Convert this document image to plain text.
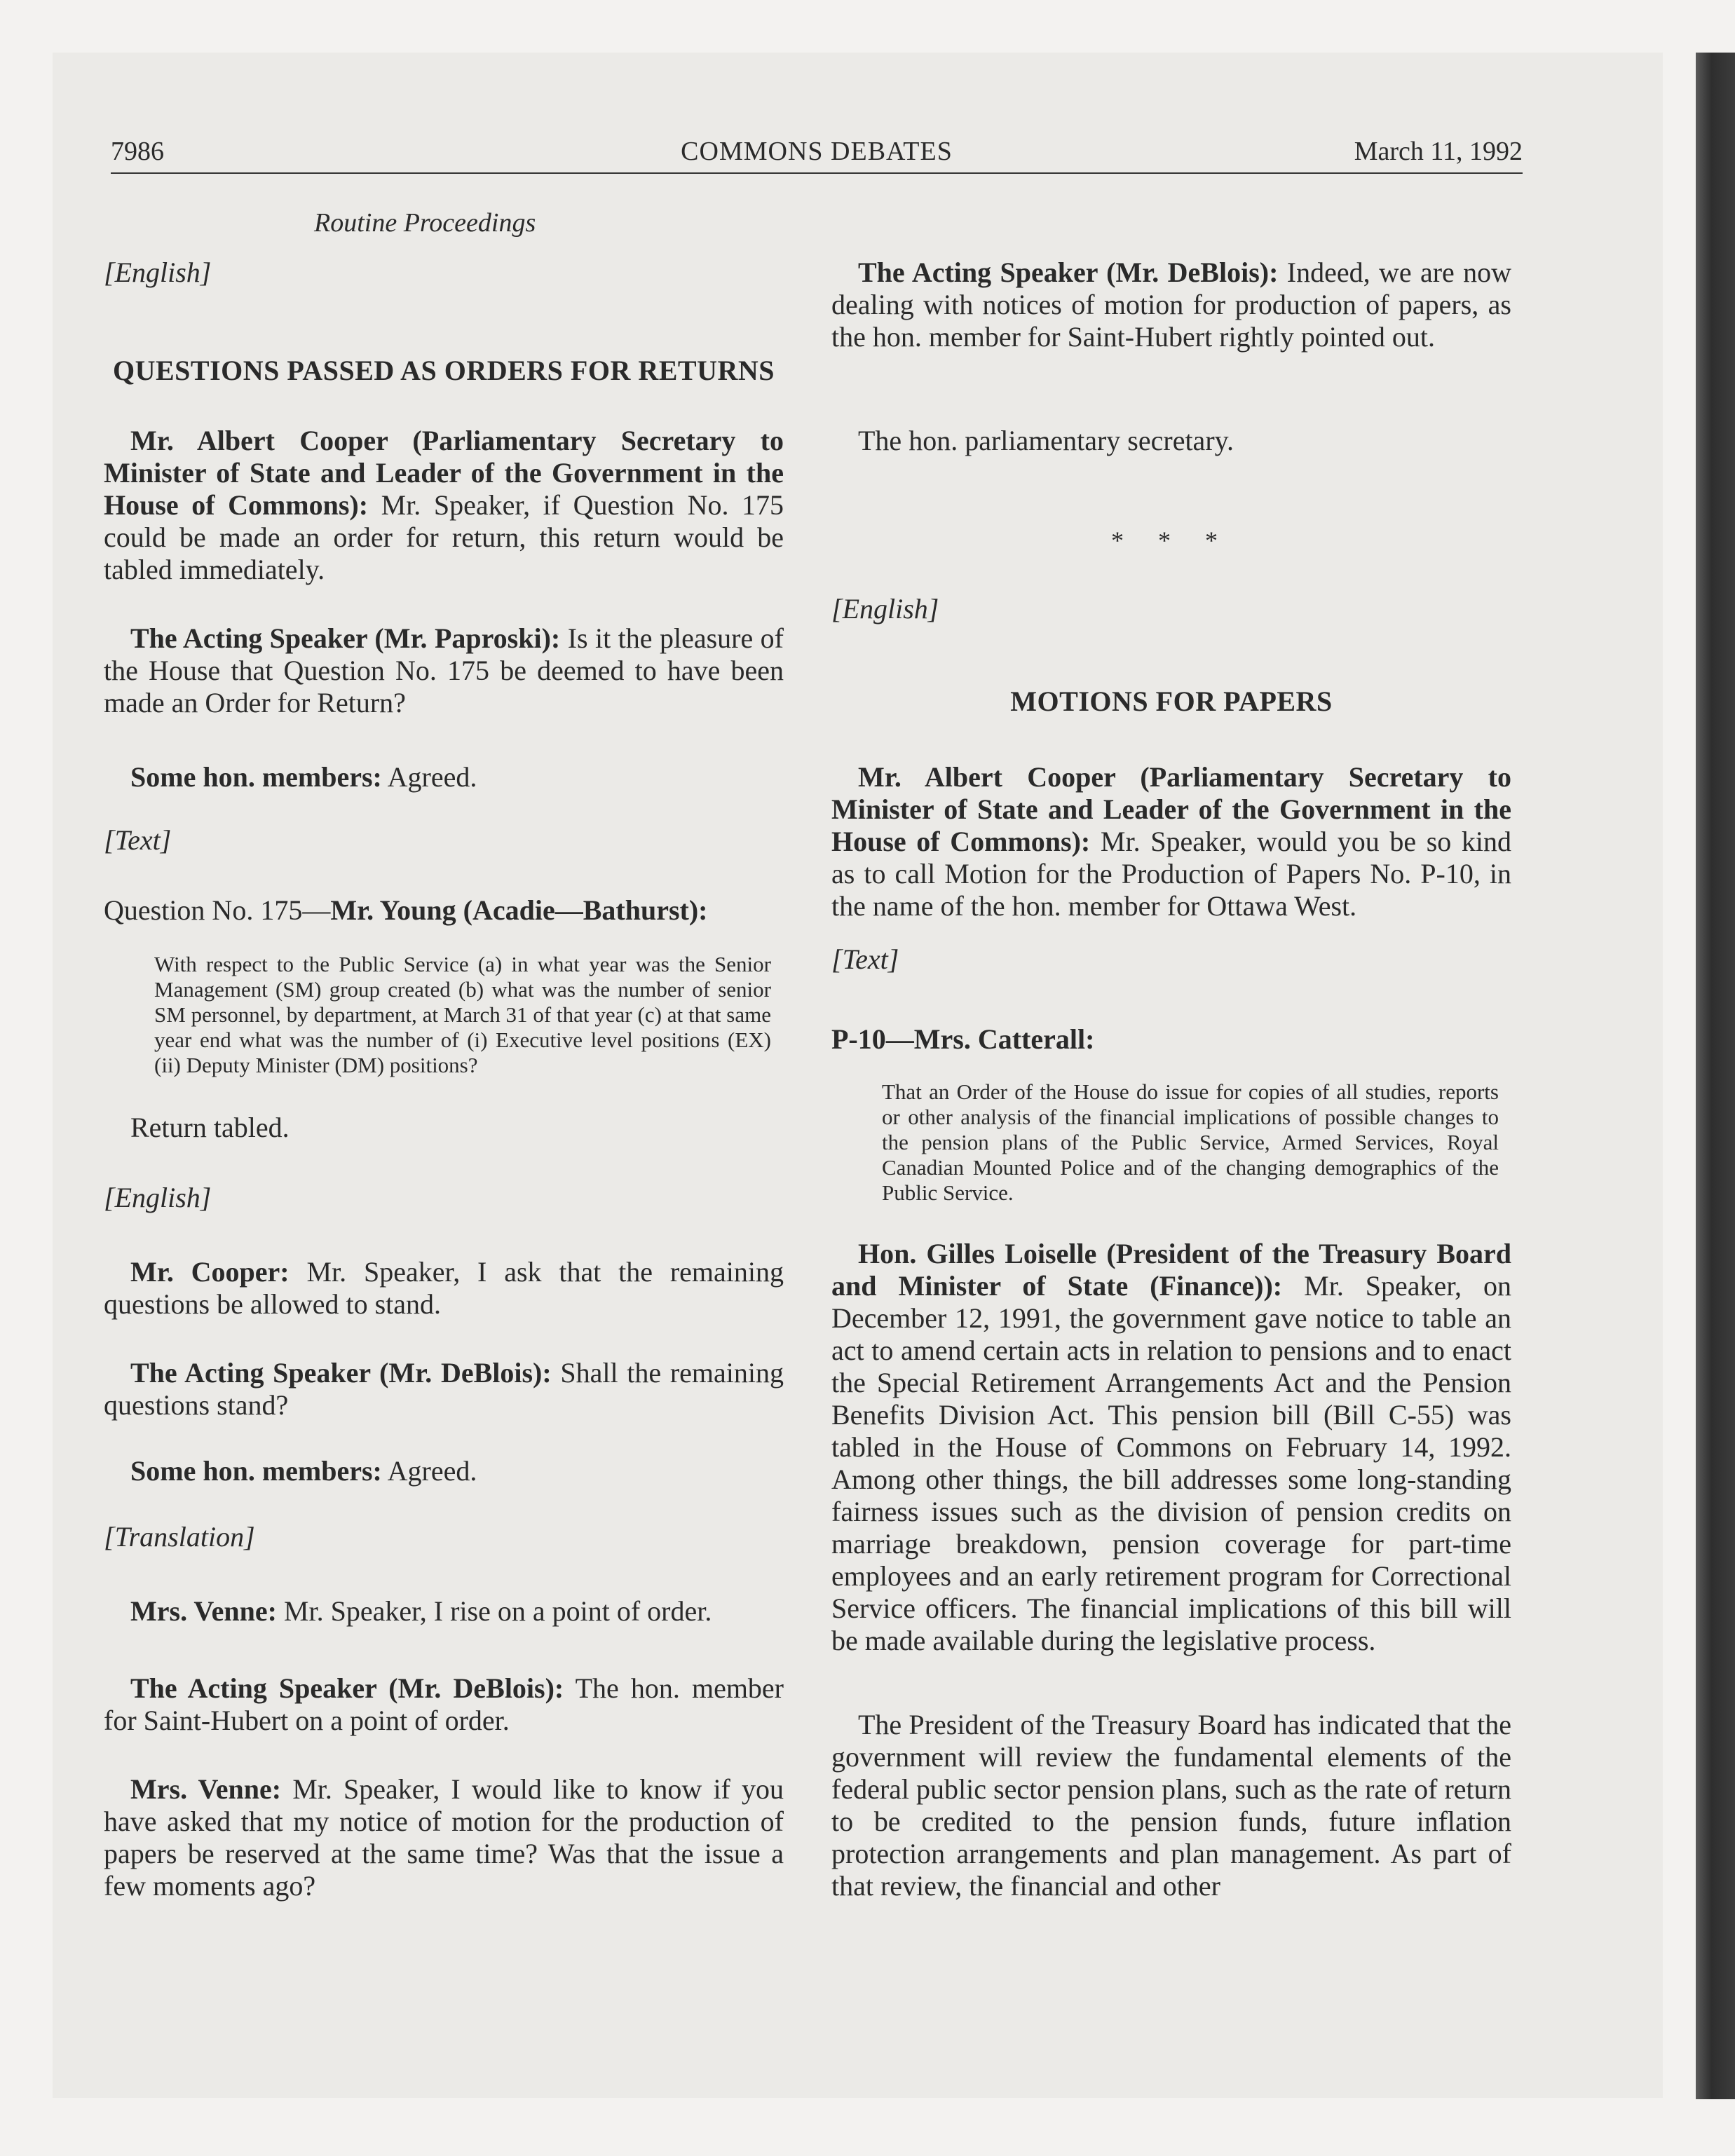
7986	COMMONS DEBATES	March 11, 1992
Routine Proceedings
[English]
QUESTIONS PASSED AS ORDERS FOR RETURNS
Mr. Albert Cooper (Parliamentary Secretary to Minister of State and Leader of the Government in the House of Commons): Mr. Speaker, if Question No. 175 could be made an order for return, this return would be tabled immediately.
The Acting Speaker (Mr. Paproski): Is it the pleasure of the House that Question No. 175 be deemed to have been made an Order for Return?
Some hon. members: Agreed.
[Text]
Question No. 175—Mr. Young (Acadie—Bathurst):
With respect to the Public Service (a) in what year was the Senior Management (SM) group created (b) what was the number of senior SM personnel, by department, at March 31 of that year (c) at that same year end what was the number of (i) Executive level positions (EX) (ii) Deputy Minister (DM) positions?
Return tabled.
[English]
Mr. Cooper: Mr. Speaker, I ask that the remaining questions be allowed to stand.
The Acting Speaker (Mr. DeBlois): Shall the remaining questions stand?
Some hon. members: Agreed.
[Translation]
Mrs. Venne: Mr. Speaker, I rise on a point of order.
The Acting Speaker (Mr. DeBlois): The hon. member for Saint-Hubert on a point of order.
Mrs. Venne: Mr. Speaker, I would like to know if you have asked that my notice of motion for the production of papers be reserved at the same time? Was that the issue a few moments ago?
The Acting Speaker (Mr. DeBlois): Indeed, we are now dealing with notices of motion for production of papers, as the hon. member for Saint-Hubert rightly pointed out.
The hon. parliamentary secretary.
* * *
[English]
MOTIONS FOR PAPERS
Mr. Albert Cooper (Parliamentary Secretary to Minister of State and Leader of the Government in the House of Commons): Mr. Speaker, would you be so kind as to call Motion for the Production of Papers No. P-10, in the name of the hon. member for Ottawa West.
[Text]
P-10—Mrs. Catterall:
That an Order of the House do issue for copies of all studies, reports or other analysis of the financial implications of possible changes to the pension plans of the Public Service, Armed Services, Royal Canadian Mounted Police and of the changing demographics of the Public Service.
Hon. Gilles Loiselle (President of the Treasury Board and Minister of State (Finance)): Mr. Speaker, on December 12, 1991, the government gave notice to table an act to amend certain acts in relation to pensions and to enact the Special Retirement Arrangements Act and the Pension Benefits Division Act. This pension bill (Bill C-55) was tabled in the House of Commons on February 14, 1992. Among other things, the bill addresses some long-standing fairness issues such as the division of pension credits on marriage breakdown, pension coverage for part-time employees and an early retirement program for Correctional Service officers. The financial implications of this bill will be made available during the legislative process.
The President of the Treasury Board has indicated that the government will review the fundamental elements of the federal public sector pension plans, such as the rate of return to be credited to the pension funds, future inflation protection arrangements and plan management. As part of that review, the financial and other
